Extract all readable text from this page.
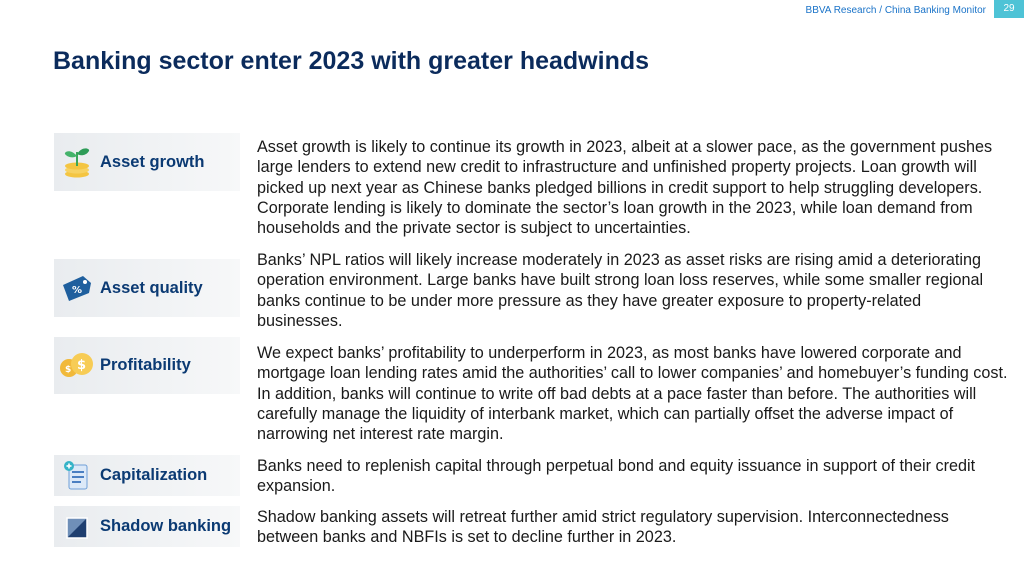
BBVA Research / China Banking Monitor	29
Banking sector enter 2023 with greater headwinds
Asset growth

Asset growth is likely to continue its growth in 2023, albeit at a slower pace, as the government pushes large lenders to extend new credit to infrastructure and unfinished property projects. Loan growth will picked up next year as Chinese banks pledged billions in credit support to help struggling developers. Corporate lending is likely to dominate the sector’s loan growth in the 2023, while loan demand from households and the private sector is subject to uncertainties.

% Asset quality

Banks’ NPL ratios will likely increase moderately in 2023 as asset risks are rising amid a deteriorating operation environment. Large banks have built strong loan loss reserves, while some smaller regional banks continue to be under more pressure as they have greater exposure to property-related businesses.

$
$ Profitability

We expect banks’ profitability to underperform in 2023, as most banks have lowered corporate and mortgage loan lending rates amid the authorities’ call to lower companies’ and homebuyer’s funding cost. In addition, banks will continue to write off bad debts at a pace faster than before. The authorities will carefully manage the liquidity of interbank market, which can partially offset the adverse impact of narrowing net interest rate margin.

Capitalization	Banks need to replenish capital through perpetual bond and equity issuance in support of their credit expansion.

Shadow banking Shadow banking assets will retreat further amid strict regulatory supervision. Interconnectedness between banks and NBFIs is set to decline further in 2023.
